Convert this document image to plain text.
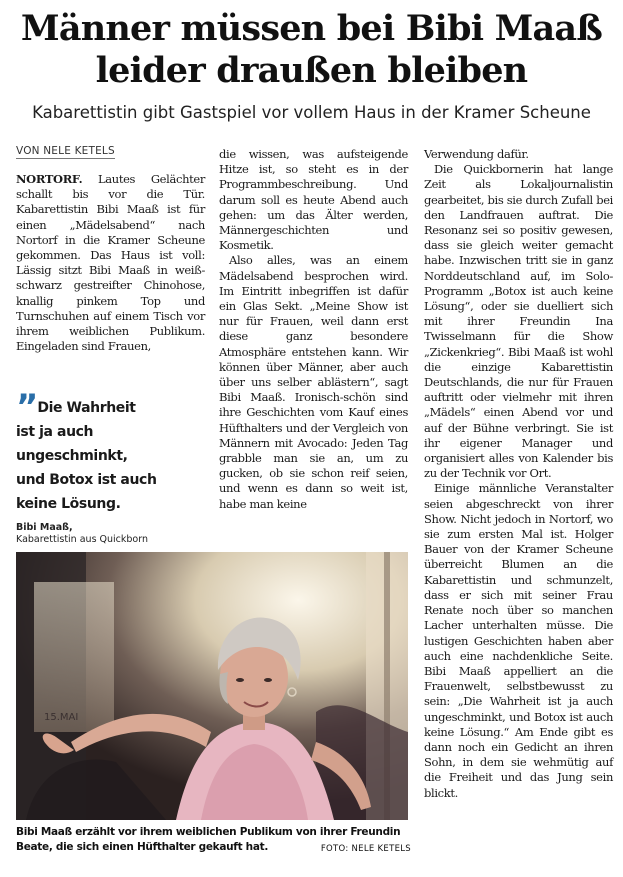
Männer müssen bei Bibi Maaß
leider draußen bleiben
Kabarettistin gibt Gastspiel vor vollem Haus in der Kramer Scheune
VON NELE KETELS

NORTORF. Lautes Gelächter schallt bis vor die Tür. Kabarettistin Bibi Maaß ist für einen „Mädelsabend“ nach Nortorf in die Kramer Scheune gekommen. Das Haus ist voll: Lässig sitzt Bibi Maaß in weiß-schwarz gestreifter Chinohose, knallig pinkem Top und Turnschuhen auf einem Tisch vor ihrem weiblichen Publikum. Eingeladen sind Frauen,

” Die Wahrheit
ist ja auch ungeschminkt,
und Botox ist auch
keine Lösung.
Bibi Maaß,
Kabarettistin aus Quickborn

die wissen, was aufsteigende Hitze ist, so steht es in der Programmbeschreibung. Und darum soll es heute Abend auch gehen: um das Älter werden, Männergeschichten und Kosmetik.

Also alles, was an einem Mädelsabend besprochen wird. Im Eintritt inbegriffen ist dafür ein Glas Sekt. „Meine Show ist nur für Frauen, weil dann erst diese ganz besondere Atmosphäre entstehen kann. Wir können über Männer, aber auch über uns selber ablästern“, sagt Bibi Maaß. Ironisch-schön sind ihre Geschichten vom Kauf eines Hüfthalters und der Vergleich von Männern mit Avocado: Jeden Tag grabble man sie an, um zu gucken, ob sie schon reif seien, und wenn es dann so weit ist, habe man keine

Verwendung dafür.

Die Quickbornerin hat lange Zeit als Lokaljournalistin gearbeitet, bis sie durch Zufall bei den Landfrauen auftrat. Die Resonanz sei so positiv gewesen, dass sie gleich weiter gemacht habe. Inzwischen tritt sie in ganz Norddeutschland auf, im Solo-Programm „Botox ist auch keine Lösung“, oder sie duelliert sich mit ihrer Freundin Ina Twisselmann für die Show „Zickenkrieg“. Bibi Maaß ist wohl die einzige Kabarettistin Deutschlands, die nur für Frauen auftritt oder vielmehr mit ihren „Mädels“ einen Abend vor und auf der Bühne verbringt. Sie ist ihr eigener Manager und organisiert alles von Kalender bis zu der Technik vor Ort.

Einige männliche Veranstalter seien abgeschreckt von ihrer Show. Nicht jedoch in Nortorf, wo sie zum ersten Mal ist. Holger Bauer von der Kramer Scheune überreicht Blumen an die Kabarettistin und schmunzelt, dass er sich mit seiner Frau Renate noch über so manchen Lacher unterhalten müsse. Die lustigen Geschichten haben aber auch eine nachdenkliche Seite. Bibi Maaß appelliert an die Frauenwelt, selbstbewusst zu sein: „Die Wahrheit ist ja auch ungeschminkt, und Botox ist auch keine Lösung.“ Am Ende gibt es dann noch ein Gedicht an ihren Sohn, in dem sie wehmütig auf die Freiheit und das Jung sein blickt.

15.MAI
Bibi Maaß erzählt vor ihrem weiblichen Publikum von ihrer Freundin Beate, die sich einen Hüfthalter gekauft hat.	FOTO: NELE KETELS
